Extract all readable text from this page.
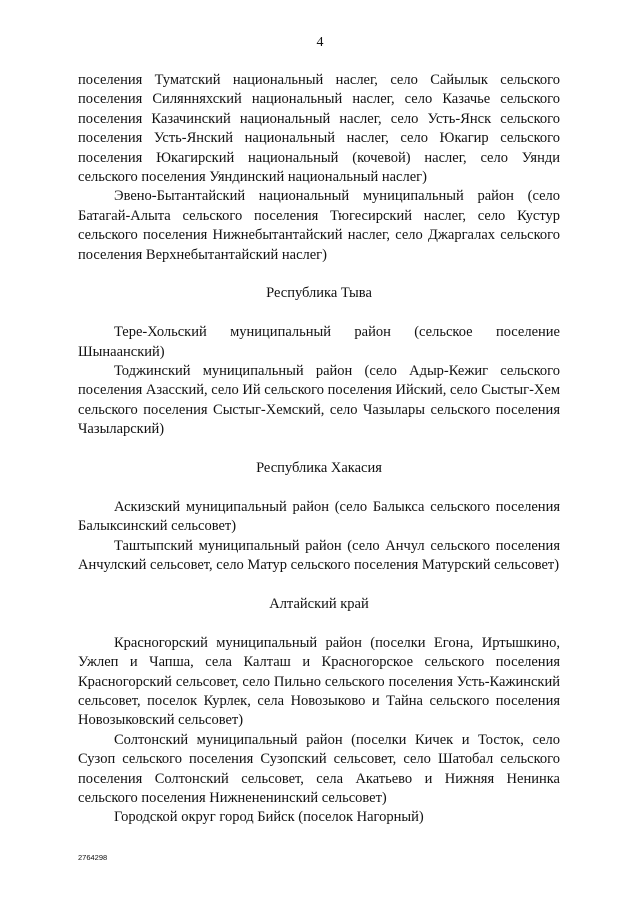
4

поселения Туматский национальный наслег, село Сайылык сельского поселения Силянняхский национальный наслег, село Казачье сельского поселения Казачинский национальный наслег, село Усть-Янск сельского поселения Усть-Янский национальный наслег, село Юкагир сельского поселения Юкагирский национальный (кочевой) наслег, село Уянди сельского поселения Уяндинский национальный наслег)

Эвено-Бытантайский национальный муниципальный район (село Батагай-Алыта сельского поселения Тюгесирский наслег, село Кустур сельского поселения Нижнебытантайский наслег, село Джаргалах сельского поселения Верхнебытантайский наслег)

Республика Тыва

Тере-Хольский муниципальный район (сельское поселение Шынаанский)

Тоджинский муниципальный район (село Адыр-Кежиг сельского поселения Азасский, село Ий сельского поселения Ийский, село Сыстыг-Хем сельского поселения Сыстыг-Хемский, село Чазылары сельского поселения Чазыларский)

Республика Хакасия

Аскизский муниципальный район (село Балыкса сельского поселения Балыксинский сельсовет)

Таштыпский муниципальный район (село Анчул сельского поселения Анчулский сельсовет, село Матур сельского поселения Матурский сельсовет)

Алтайский край

Красногорский муниципальный район (поселки Егона, Иртышкино, Ужлеп и Чапша, села Калташ и Красногорское сельского поселения Красногорский сельсовет, село Пильно сельского поселения Усть-Кажинский сельсовет, поселок Курлек, села Новозыково и Тайна сельского поселения Новозыковский сельсовет)

Солтонский муниципальный район (поселки Кичек и Тосток, село Сузоп сельского поселения Сузопский сельсовет, село Шатобал сельского поселения Солтонский сельсовет, села Акатьево и Нижняя Ненинка сельского поселения Нижнененинский сельсовет)

Городской округ город Бийск (поселок Нагорный)

2764298
